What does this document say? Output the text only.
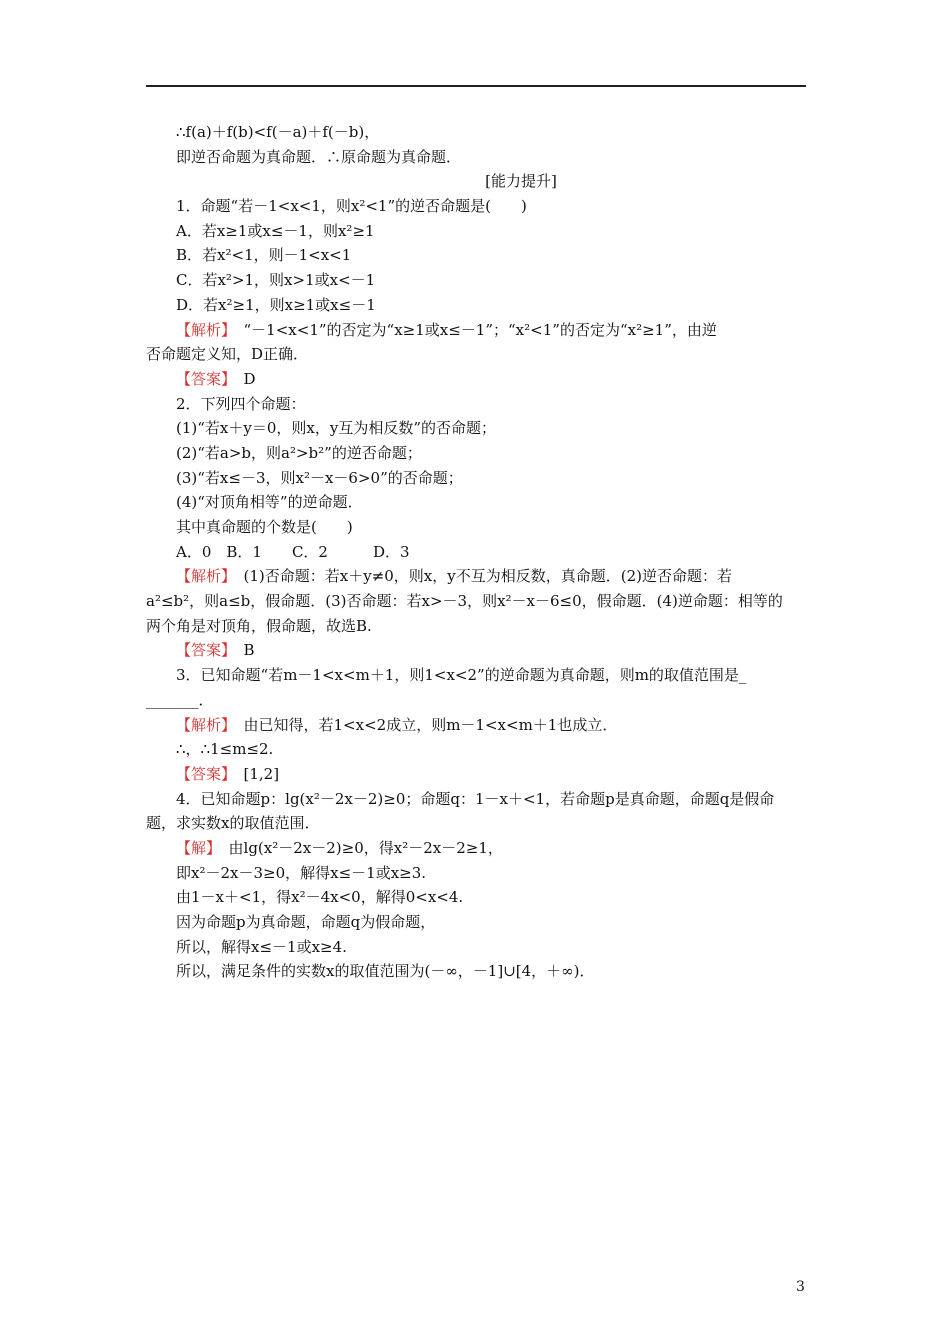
∴f(a)＋f(b)<f(－a)＋f(－b)，
即逆否命题为真命题．∴原命题为真命题．
[能力提升]
1．命题“若－1<x<1，则x²<1”的逆否命题是(　　)
A．若x≥1或x≤－1，则x²≥1
B．若x²<1，则－1<x<1
C．若x²>1，则x>1或x<－1
D．若x²≥1，则x≥1或x≤－1
【解析】　“－1<x<1”的否定为“x≥1或x≤－1”；“x²<1”的否定为“x²≥1”，由逆
否命题定义知，D正确．
【答案】　D
2．下列四个命题：
(1)“若x＋y＝0，则x，y互为相反数”的否命题；
(2)“若a>b，则a²>b²”的逆否命题；
(3)“若x≤－3，则x²－x－6>0”的否命题；
(4)“对顶角相等”的逆命题．
其中真命题的个数是(　　)
A．0　B．1　　C．2　　　D．3
【解析】　(1)否命题：若x＋y≠0，则x，y不互为相反数，真命题．(2)逆否命题：若
a²≤b²，则a≤b，假命题．(3)否命题：若x>－3，则x²－x－6≤0，假命题．(4)逆命题：相等的
两个角是对顶角，假命题，故选B.
【答案】　B
3．已知命题“若m－1<x<m＋1，则1<x<2”的逆命题为真命题，则m的取值范围是_
_______．
【解析】　由已知得，若1<x<2成立，则m－1<x<m＋1也成立．
∴，∴1≤m≤2.
【答案】　[1,2]
4．已知命题p：lg(x²－2x－2)≥0；命题q：1－x＋<1，若命题p是真命题，命题q是假命
题，求实数x的取值范围．
【解】　由lg(x²－2x－2)≥0，得x²－2x－2≥1，
即x²－2x－3≥0，解得x≤－1或x≥3.
由1－x＋<1，得x²－4x<0，解得0<x<4.
因为命题p为真命题，命题q为假命题，
所以，解得x≤－1或x≥4.
所以，满足条件的实数x的取值范围为(－∞，－1]∪[4，＋∞)．
3
